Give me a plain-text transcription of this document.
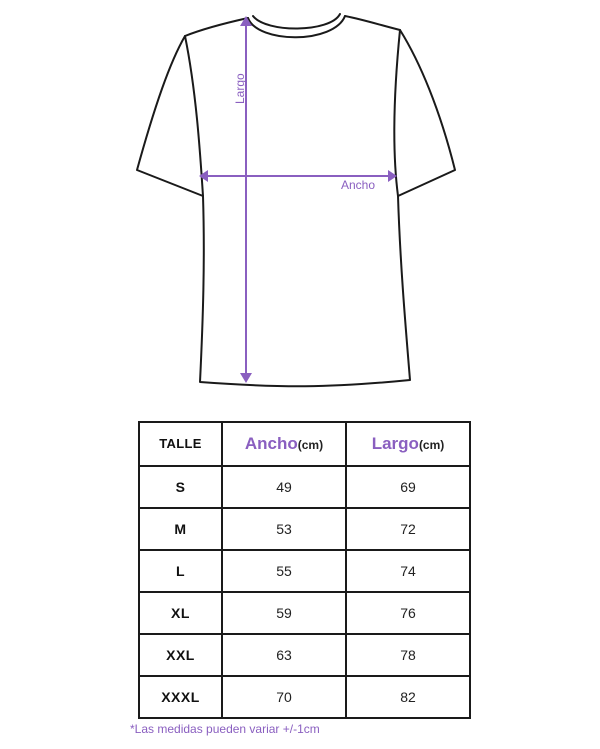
Largo
Ancho
TALLE	Ancho(cm)	Largo(cm)
S	49	69
M	53	72
L	55	74
XL	59	76
XXL	63	78
XXXL	70	82
*Las medidas pueden variar +/-1cm
